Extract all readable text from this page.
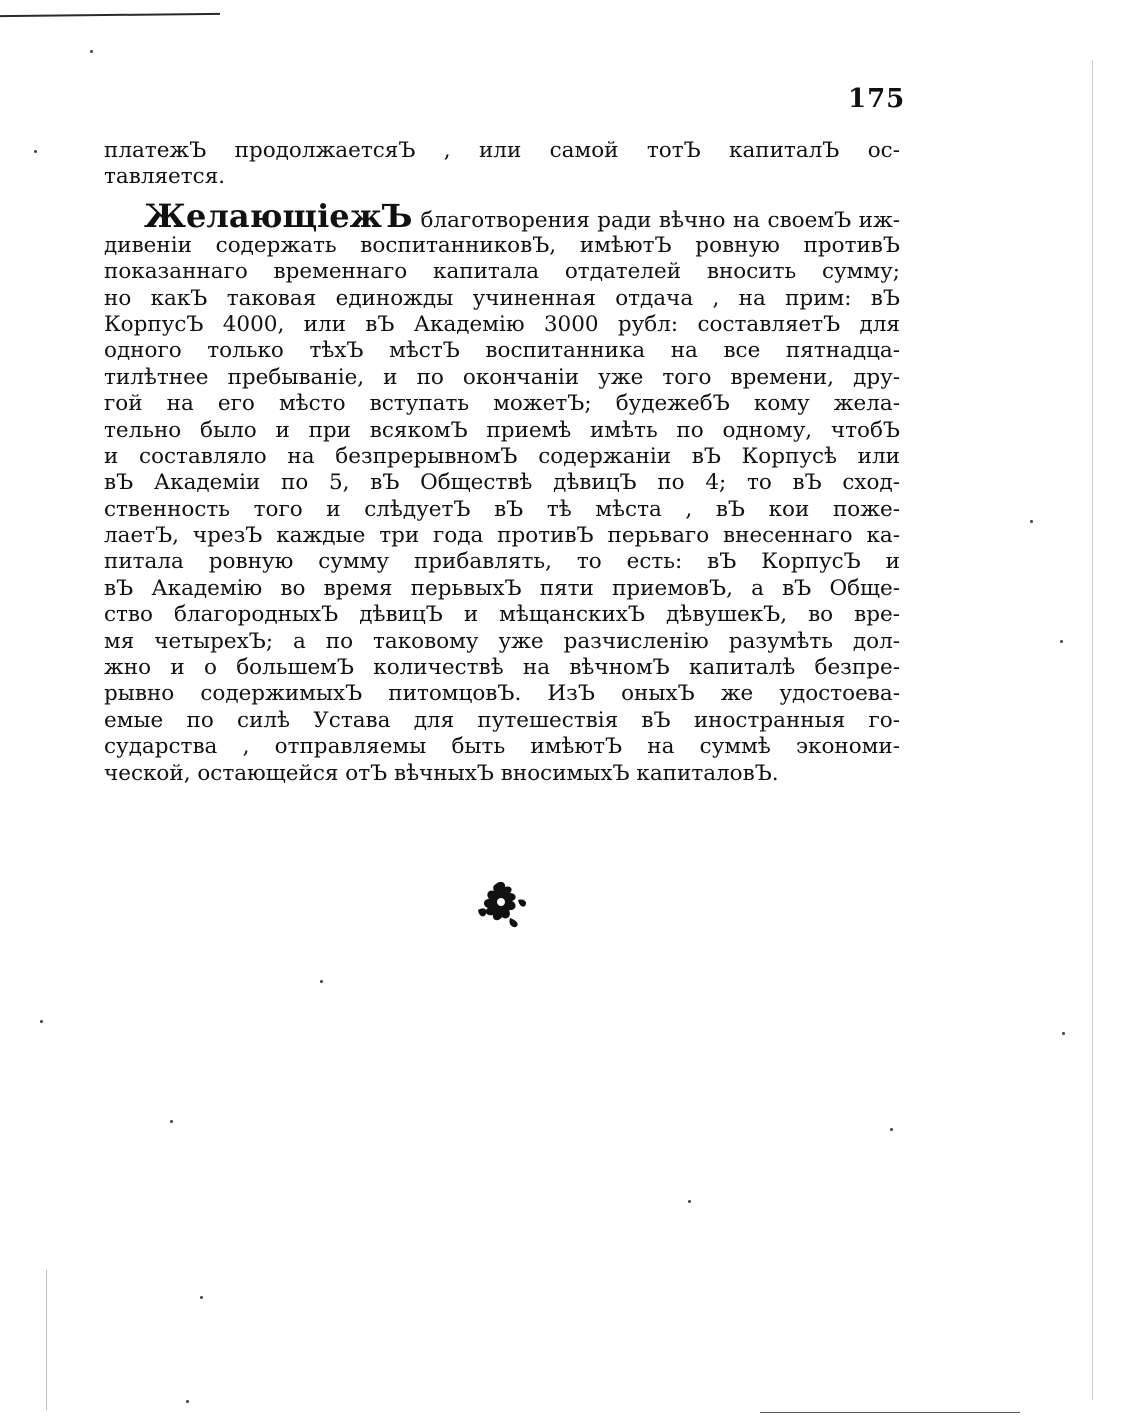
175
платежЪ продолжаетсяЪ , или самой тотЪ капиталЪ ос-
тавляется.
ЖелающіежЪ благотворения ради вѣчно на своемЪ иж-
дивеніи содержать воспитанниковЪ, имѣютЪ ровную противЪ
показаннаго временнаго капитала отдателей вносить сумму;
но какЪ таковая единожды учиненная отдача , на прим: вЪ
КорпусЪ 4000, или вЪ Академію 3000 рубл: составляетЪ для
одного только тѣхЪ мѣстЪ воспитанника на все пятнадца-
тилѣтнее пребываніе, и по окончаніи уже того времени, дру-
гой на его мѣсто вступать можетЪ; будежебЪ кому жела-
тельно было и при всякомЪ приемѣ имѣть по одному, чтобЪ
и составляло на безпрерывномЪ содержаніи вЪ Корпусѣ или
вЪ Академіи по 5, вЪ Обществѣ дѣвицЪ по 4; то вЪ сход-
ственность того и слѣдуетЪ вЪ тѣ мѣста , вЪ кои поже-
лаетЪ, чрезЪ каждые три года противЪ перьвагo внесеннаго ка-
питала ровную сумму прибавлять, то есть: вЪ КорпусЪ и
вЪ Академію во время перьвыхЪ пяти приемовЪ, а вЪ Обще-
ство благородныхЪ дѣвицЪ и мѣщанскихЪ дѣвушекЪ, во вре-
мя четырехЪ; а по таковому уже разчисленію разумѣть дол-
жно и о большемЪ количествѣ на вѣчномЪ капиталѣ безпре-
рывно содержимыхЪ питомцовЪ. ИзЪ оныхЪ же удостоева-
емые по силѣ Устава для путешествія вЪ иностранныя го-
сударства , отправляемы быть имѣютЪ на суммѣ экономи-
ческой, остающейся отЪ вѣчныхЪ вносимыхЪ капиталовЪ.
